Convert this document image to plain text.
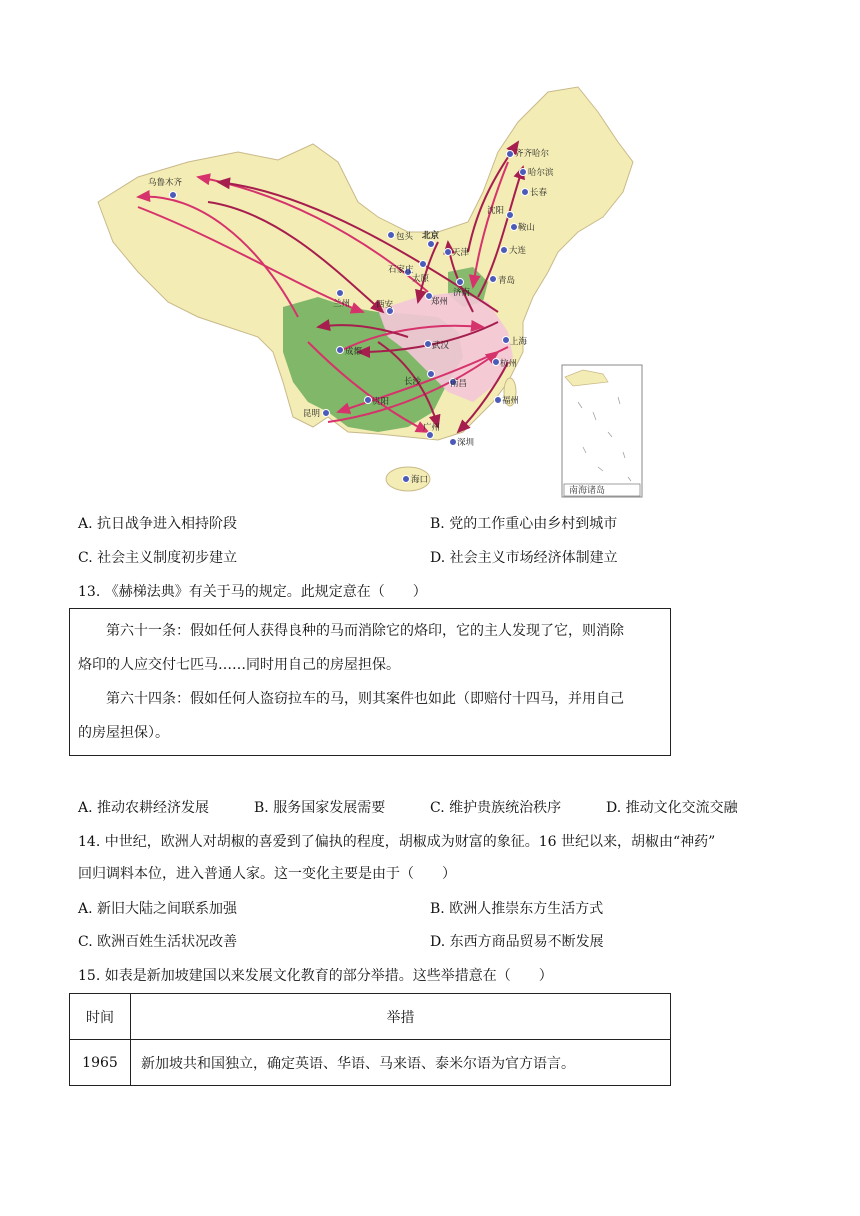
乌鲁木齐
齐齐哈尔
哈尔滨
长春
沈阳
鞍山
大连
包头 北京
天津
石家庄
太原
济南
青岛
兰州	西安	郑州
成都
武汉	上海
杭州
长沙	南昌
贵阳
昆明
福州
广州
深圳
海口
南海诸岛
A. 抗日战争进入相持阶段	B. 党的工作重心由乡村到城市
C. 社会主义制度初步建立	D. 社会主义市场经济体制建立
13. 《赫梯法典》有关于马的规定。此规定意在（　　）
第六十一条：假如任何人获得良种的马而消除它的烙印，它的主人发现了它，则消除
烙印的人应交付七匹马……同时用自己的房屋担保。
第六十四条：假如任何人盗窃拉车的马，则其案件也如此（即赔付十四马，并用自己
的房屋担保）。
A. 推动农耕经济发展	B. 服务国家发展需要	C. 维护贵族统治秩序	D. 推动文化交流交融
14. 中世纪，欧洲人对胡椒的喜爱到了偏执的程度，胡椒成为财富的象征。16 世纪以来，胡椒由“神药”
回归调料本位，进入普通人家。这一变化主要是由于（　　）
A. 新旧大陆之间联系加强	B. 欧洲人推崇东方生活方式
C. 欧洲百姓生活状况改善	D. 东西方商品贸易不断发展
15. 如表是新加坡建国以来发展文化教育的部分举措。这些举措意在（　　）
时间	举措
1965	新加坡共和国独立，确定英语、华语、马来语、泰米尔语为官方语言。
